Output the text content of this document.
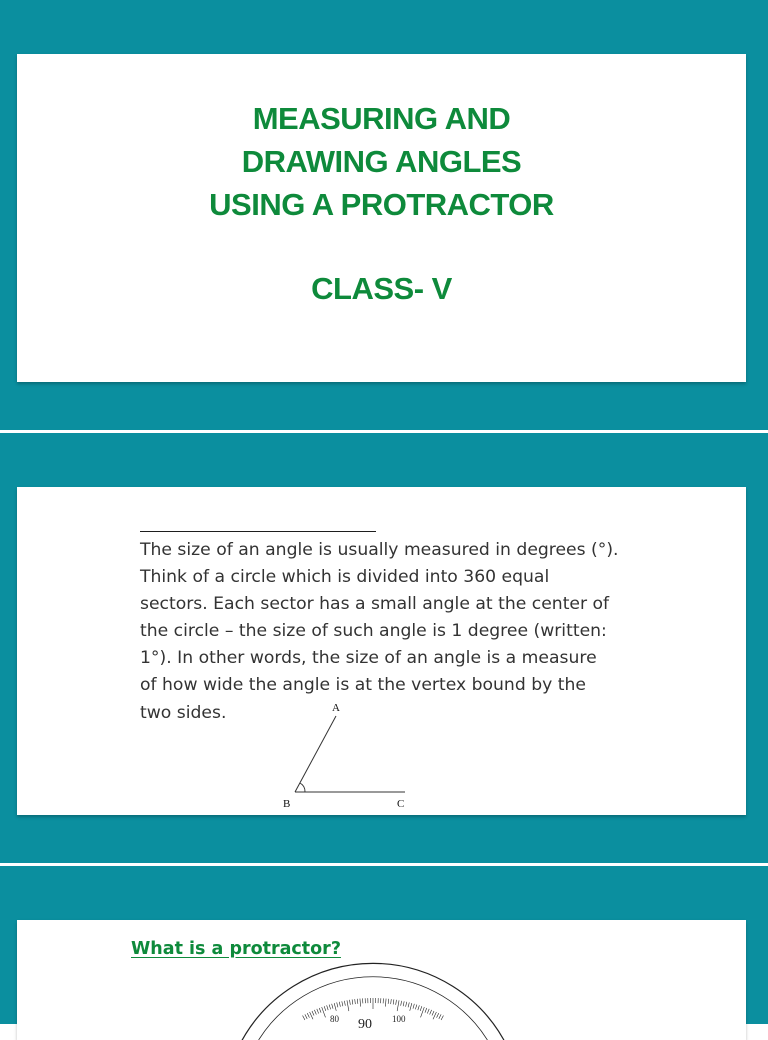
MEASURING AND
DRAWING ANGLES
USING A PROTRACTOR
CLASS- V

The size of an angle is usually measured in degrees (°).
Think of a circle which is divided into 360 equal
sectors. Each sector has a small angle at the center of
the circle – the size of such angle is 1 degree (written:
1°). In other words, the size of an angle is a measure
of how wide the angle is at the vertex bound by the
two sides.	A
B	C
What is a protractor?
80 90 100
